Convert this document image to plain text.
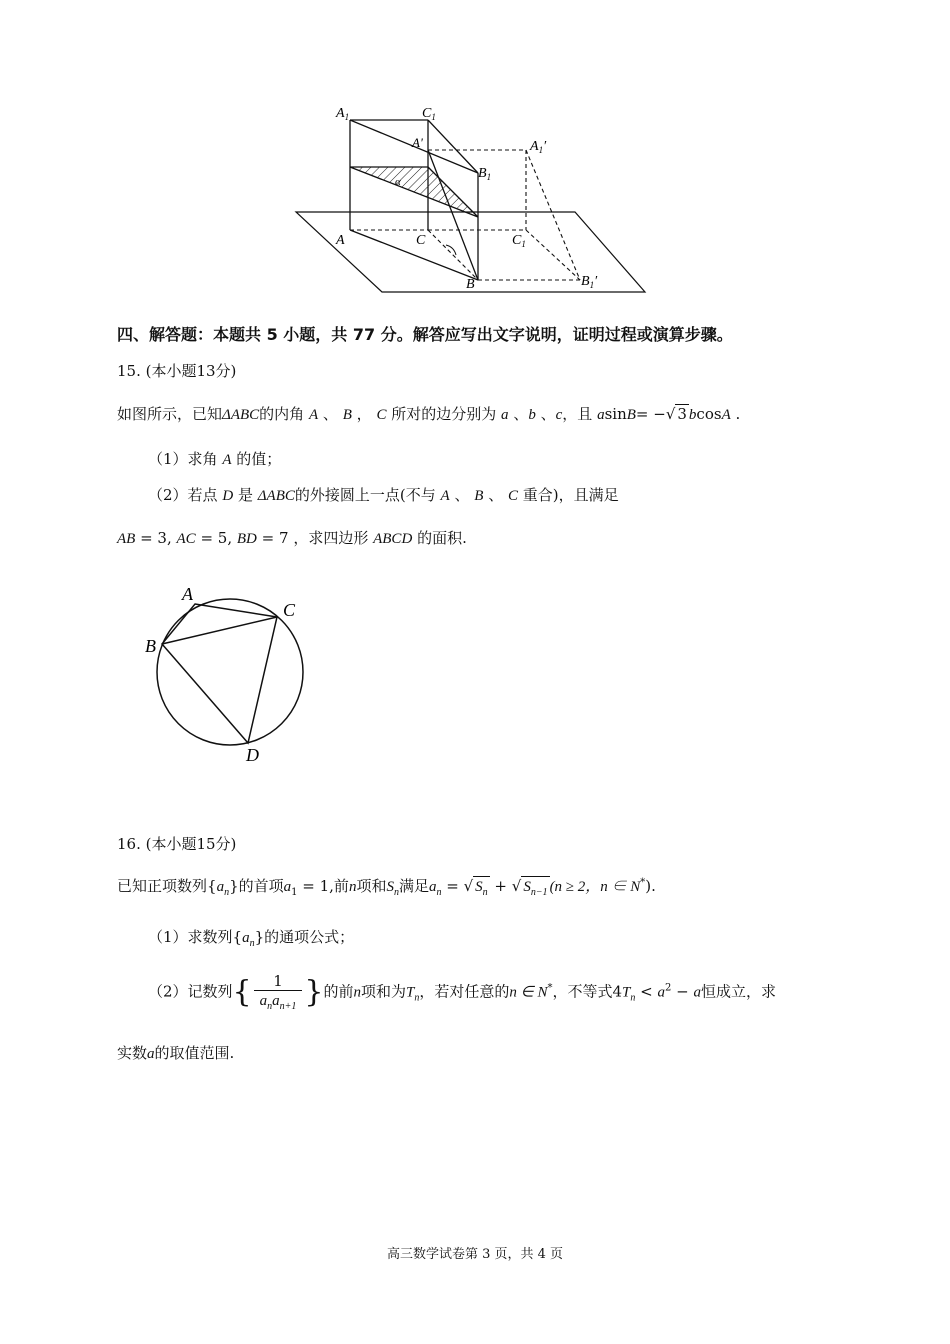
$A_1$	$C_1$
A'
$B_1$
$A_1'$
α
A	C	$C_1$
B	$B_1'$
四、解答题：本题共 5 小题，共 77 分。解答应写出文字说明，证明过程或演算步骤。
15. (本小题13分)
如图所示，已知ΔABC的内角 A 、 B ， C 所对的边分别为 a 、b 、c，且 asinB= −√ 3 bcosA .
（1）求角 A 的值；
（2）若点 D 是 ΔABC的外接圆上一点(不与 A 、 B 、 C 重合)，且满足
AB = 3, AC = 5, BD = 7 ，求四边形 ABCD 的面积.
A
B
C
D
16. (本小题15分)
已知正项数列$\{a_n\}$的首项$a_1 = 1$,前n项和$S_n$满足$a_n$ = √ $S_n$ + √ $S_{n-1}$ (n ≥ 2，n ∈ N*).
（1）求数列$\{a_n\}$的通项公式；
（2）记数列{ $\frac{1}{a_na_{n+1}}$ }的前n项和为$T_n$，若对任意的n ∈ N*，不等式$4T_n < a^2 - a$恒成立，求
实数a的取值范围.
高三数学试卷第 3 页，共 4 页
